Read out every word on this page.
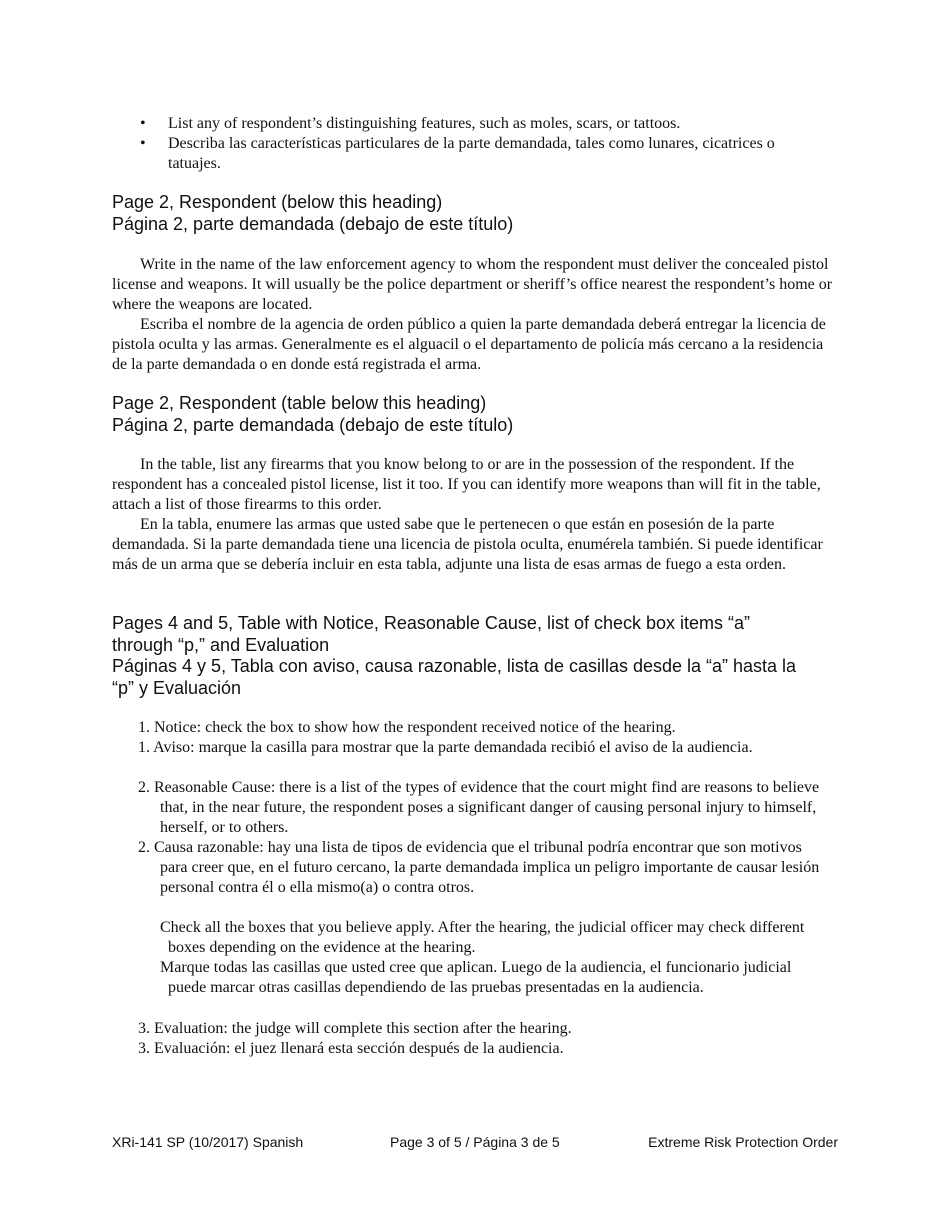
• List any of respondent’s distinguishing features, such as moles, scars, or tattoos.
• Describa las características particulares de la parte demandada, tales como lunares, cicatrices o tatuajes.
Page 2, Respondent (below this heading)
Página 2, parte demandada (debajo de este título)

Write in the name of the law enforcement agency to whom the respondent must deliver the concealed pistol license and weapons. It will usually be the police department or sheriff’s office nearest the respondent’s home or where the weapons are located.

Escriba el nombre de la agencia de orden público a quien la parte demandada deberá entregar la licencia de pistola oculta y las armas. Generalmente es el alguacil o el departamento de policía más cercano a la residencia de la parte demandada o en donde está registrada el arma.

Page 2, Respondent (table below this heading)
Página 2, parte demandada (debajo de este título)

In the table, list any firearms that you know belong to or are in the possession of the respondent. If the respondent has a concealed pistol license, list it too. If you can identify more weapons than will fit in the table, attach a list of those firearms to this order.

En la tabla, enumere las armas que usted sabe que le pertenecen o que están en posesión de la parte demandada. Si la parte demandada tiene una licencia de pistola oculta, enumérela también. Si puede identificar más de un arma que se debería incluir en esta tabla, adjunte una lista de esas armas de fuego a esta orden.

Pages 4 and 5, Table with Notice, Reasonable Cause, list of check box items “a” through “p,” and Evaluation
Páginas 4 y 5, Tabla con aviso, causa razonable, lista de casillas desde la “a” hasta la “p” y Evaluación

1. Notice: check the box to show how the respondent received notice of the hearing.

1. Aviso: marque la casilla para mostrar que la parte demandada recibió el aviso de la audiencia.

2. Reasonable Cause: there is a list of the types of evidence that the court might find are reasons to believe that, in the near future, the respondent poses a significant danger of causing personal injury to himself, herself, or to others.

2. Causa razonable: hay una lista de tipos de evidencia que el tribunal podría encontrar que son motivos para creer que, en el futuro cercano, la parte demandada implica un peligro importante de causar lesión personal contra él o ella mismo(a) o contra otros.

Check all the boxes that you believe apply. After the hearing, the judicial officer may check different boxes depending on the evidence at the hearing.

Marque todas las casillas que usted cree que aplican. Luego de la audiencia, el funcionario judicial puede marcar otras casillas dependiendo de las pruebas presentadas en la audiencia.

3. Evaluation: the judge will complete this section after the hearing.

3. Evaluación: el juez llenará esta sección después de la audiencia.

XRi-141 SP (10/2017) Spanish	Page 3 of 5 / Página 3 de 5	Extreme Risk Protection Order
